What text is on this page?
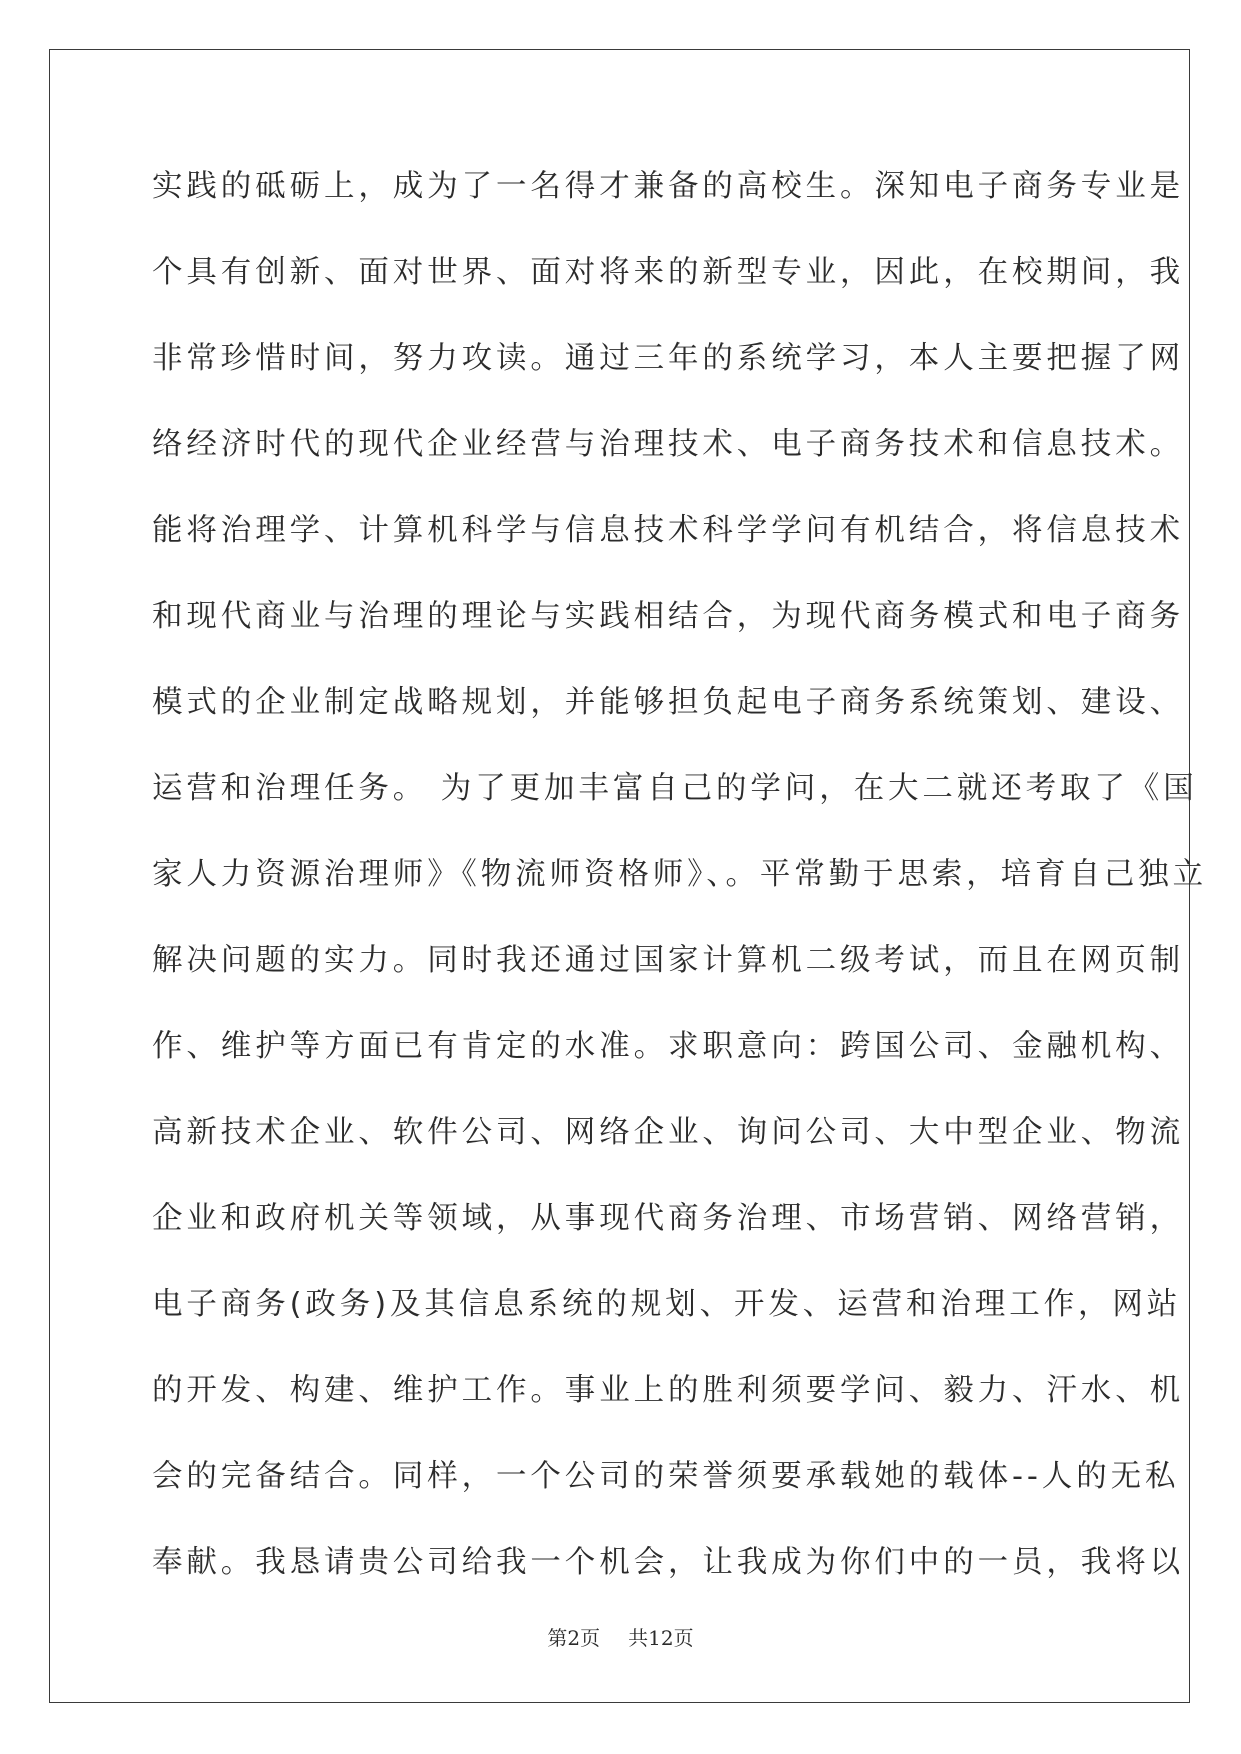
实践的砥砺上，成为了一名得才兼备的高校生。深知电子商务专业是
个具有创新、面对世界、面对将来的新型专业，因此，在校期间，我
非常珍惜时间，努力攻读。通过三年的系统学习，本人主要把握了网
络经济时代的现代企业经营与治理技术、电子商务技术和信息技术。
能将治理学、计算机科学与信息技术科学学问有机结合，将信息技术
和现代商业与治理的理论与实践相结合，为现代商务模式和电子商务
模式的企业制定战略规划，并能够担负起电子商务系统策划、建设、
运营和治理任务。 为了更加丰富自己的学问，在大二就还考取了《国
家人力资源治理师》《物流师资格师》、。平常勤于思索，培育自己独立
解决问题的实力。同时我还通过国家计算机二级考试，而且在网页制
作、维护等方面已有肯定的水准。求职意向：跨国公司、金融机构、
高新技术企业、软件公司、网络企业、询问公司、大中型企业、物流
企业和政府机关等领域，从事现代商务治理、市场营销、网络营销，
电子商务(政务)及其信息系统的规划、开发、运营和治理工作，网站
的开发、构建、维护工作。事业上的胜利须要学问、毅力、汗水、机
会的完备结合。同样，一个公司的荣誉须要承载她的载体--人的无私
奉献。我恳请贵公司给我一个机会，让我成为你们中的一员，我将以
第2页 共12页
